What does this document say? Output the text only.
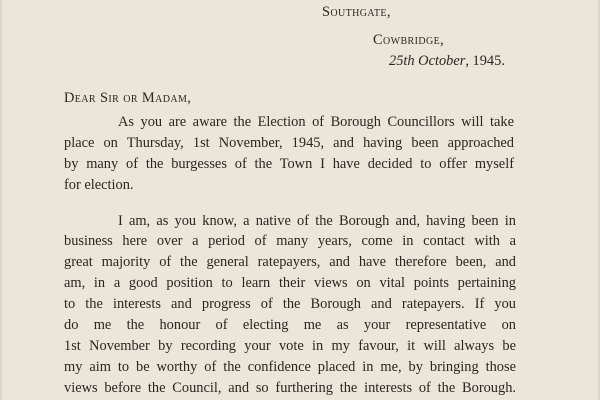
Southgate,
Cowbridge,
25th October, 1945.
Dear Sir or Madam,
As you are aware the Election of Borough Councillors will take
place on Thursday, 1st November, 1945, and having been approached
by many of the burgesses of the Town I have decided to offer myself
for election.
I am, as you know, a native of the Borough and, having been in
business here over a period of many years, come in contact with a
great majority of the general ratepayers, and have therefore been, and
am, in a good position to learn their views on vital points pertaining
to the interests and progress of the Borough and ratepayers. If you
do me the honour of electing me as your representative on
1st November by recording your vote in my favour, it will always be
my aim to be worthy of the confidence placed in me, by bringing those
views before the Council, and so furthering the interests of the Borough.
